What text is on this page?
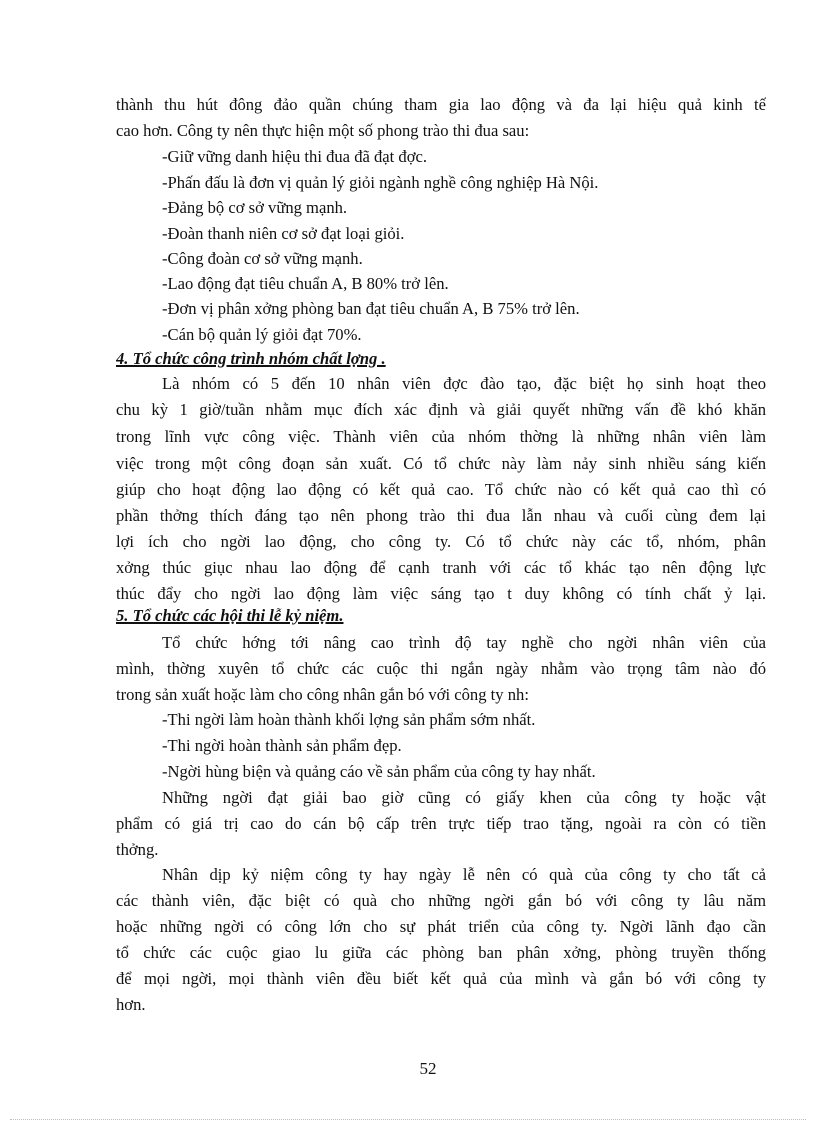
thành thu hút đông đảo quần chúng tham gia lao động và đa lại hiệu quả kinh tế
cao hơn. Công ty nên thực hiện một số phong trào thi đua sau:
-Giữ vững danh hiệu thi đua đã đạt đợc.
-Phấn đấu là đơn vị quản lý giỏi ngành nghề công nghiệp Hà Nội.
-Đảng bộ cơ sở vững mạnh.
-Đoàn thanh niên cơ sở đạt loại giỏi.
-Công đoàn cơ sở vững mạnh.
-Lao động đạt tiêu chuẩn A, B 80% trở lên.
-Đơn vị phân xởng phòng ban đạt tiêu chuẩn A, B 75% trở lên.
-Cán bộ quản lý giỏi đạt 70%.
4. Tổ chức công trình nhóm chất lợng .
Là nhóm có 5 đến 10 nhân viên đợc đào tạo, đặc biệt họ sinh hoạt theo
chu kỳ 1 giờ/tuần nhằm mục đích xác định và giải quyết những vấn đề khó khăn
trong lĩnh vực công việc. Thành viên của nhóm thờng là những nhân viên làm
việc trong một công đoạn sản xuất. Có tổ chức này làm nảy sinh nhiều sáng kiến
giúp cho hoạt động lao động có kết quả cao. Tổ chức nào có kết quả cao thì có
phần thởng thích đáng tạo nên phong trào thi đua lẫn nhau và cuối cùng đem lại
lợi ích cho ngời lao động, cho công ty. Có tổ chức này các tổ, nhóm, phân
xởng thúc giục nhau lao động để cạnh tranh với các tổ khác tạo nên động lực
thúc đẩy cho ngời lao động làm việc sáng tạo t duy không có tính chất ỷ lại.
5. Tổ chức các hội thi lễ kỷ niệm.
Tổ chức hớng tới nâng cao trình độ tay nghề cho ngời nhân viên của
mình, thờng xuyên tổ chức các cuộc thi ngắn ngày nhằm vào trọng tâm nào đó
trong sản xuất hoặc làm cho công nhân gắn bó với công ty nh:
-Thi ngời làm hoàn thành khối lợng sản phẩm sớm nhất.
-Thi ngời hoàn thành sản phẩm đẹp.
-Ngời hùng biện và quảng cáo về sản phẩm của công ty hay nhất.
Những ngời đạt giải bao giờ cũng có giấy khen của công ty hoặc vật
phẩm có giá trị cao do cán bộ cấp trên trực tiếp trao tặng, ngoài ra còn có tiền
thởng.
Nhân dịp kỷ niệm công ty hay ngày lễ nên có quà của công ty cho tất cả
các thành viên, đặc biệt có quà cho những ngời gắn bó với công ty lâu năm
hoặc những ngời có công lớn cho sự phát triển của công ty. Ngời lãnh đạo cần
tổ chức các cuộc giao lu giữa các phòng ban phân xởng, phòng truyền thống
để mọi ngời, mọi thành viên đều biết kết quả của mình và gắn bó với công ty
hơn.
52
